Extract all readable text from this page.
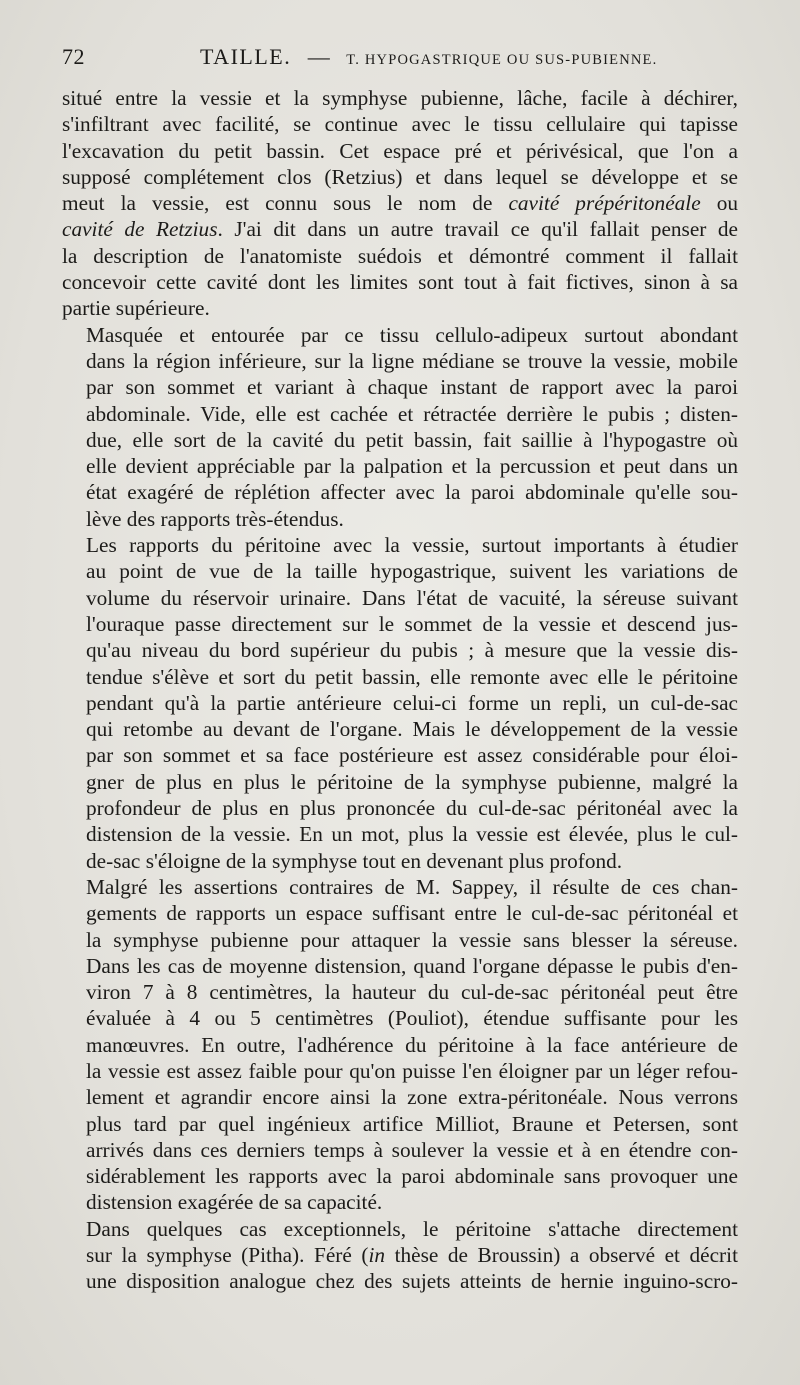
72	TAILLE. — T. HYPOGASTRIQUE OU SUS-PUBIENNE.

situé entre la vessie et la symphyse pubienne, lâche, facile à déchirer,
s'infiltrant avec facilité, se continue avec le tissu cellulaire qui tapisse
l'excavation du petit bassin. Cet espace pré et périvésical, que l'on a
supposé complétement clos (Retzius) et dans lequel se développe et se
meut la vessie, est connu sous le nom de cavité prépéritonéale ou
cavité de Retzius. J'ai dit dans un autre travail ce qu'il fallait penser de
la description de l'anatomiste suédois et démontré comment il fallait
concevoir cette cavité dont les limites sont tout à fait fictives, sinon à sa
partie supérieure.

Masquée et entourée par ce tissu cellulo-adipeux surtout abondant
dans la région inférieure, sur la ligne médiane se trouve la vessie, mobile
par son sommet et variant à chaque instant de rapport avec la paroi
abdominale. Vide, elle est cachée et rétractée derrière le pubis ; disten-
due, elle sort de la cavité du petit bassin, fait saillie à l'hypogastre où
elle devient appréciable par la palpation et la percussion et peut dans un
état exagéré de réplétion affecter avec la paroi abdominale qu'elle sou-
lève des rapports très-étendus.

Les rapports du péritoine avec la vessie, surtout importants à étudier
au point de vue de la taille hypogastrique, suivent les variations de
volume du réservoir urinaire. Dans l'état de vacuité, la séreuse suivant
l'ouraque passe directement sur le sommet de la vessie et descend jus-
qu'au niveau du bord supérieur du pubis ; à mesure que la vessie dis-
tendue s'élève et sort du petit bassin, elle remonte avec elle le péritoine
pendant qu'à la partie antérieure celui-ci forme un repli, un cul-de-sac
qui retombe au devant de l'organe. Mais le développement de la vessie
par son sommet et sa face postérieure est assez considérable pour éloi-
gner de plus en plus le péritoine de la symphyse pubienne, malgré la
profondeur de plus en plus prononcée du cul-de-sac péritonéal avec la
distension de la vessie. En un mot, plus la vessie est élevée, plus le cul-
de-sac s'éloigne de la symphyse tout en devenant plus profond.

Malgré les assertions contraires de M. Sappey, il résulte de ces chan-
gements de rapports un espace suffisant entre le cul-de-sac péritonéal et
la symphyse pubienne pour attaquer la vessie sans blesser la séreuse.
Dans les cas de moyenne distension, quand l'organe dépasse le pubis d'en-
viron 7 à 8 centimètres, la hauteur du cul-de-sac péritonéal peut être
évaluée à 4 ou 5 centimètres (Pouliot), étendue suffisante pour les
manœuvres. En outre, l'adhérence du péritoine à la face antérieure de
la vessie est assez faible pour qu'on puisse l'en éloigner par un léger refou-
lement et agrandir encore ainsi la zone extra-péritonéale. Nous verrons
plus tard par quel ingénieux artifice Milliot, Braune et Petersen, sont
arrivés dans ces derniers temps à soulever la vessie et à en étendre con-
sidérablement les rapports avec la paroi abdominale sans provoquer une
distension exagérée de sa capacité.

Dans quelques cas exceptionnels, le péritoine s'attache directement
sur la symphyse (Pitha). Féré (in thèse de Broussin) a observé et décrit
une disposition analogue chez des sujets atteints de hernie inguino-scro-
